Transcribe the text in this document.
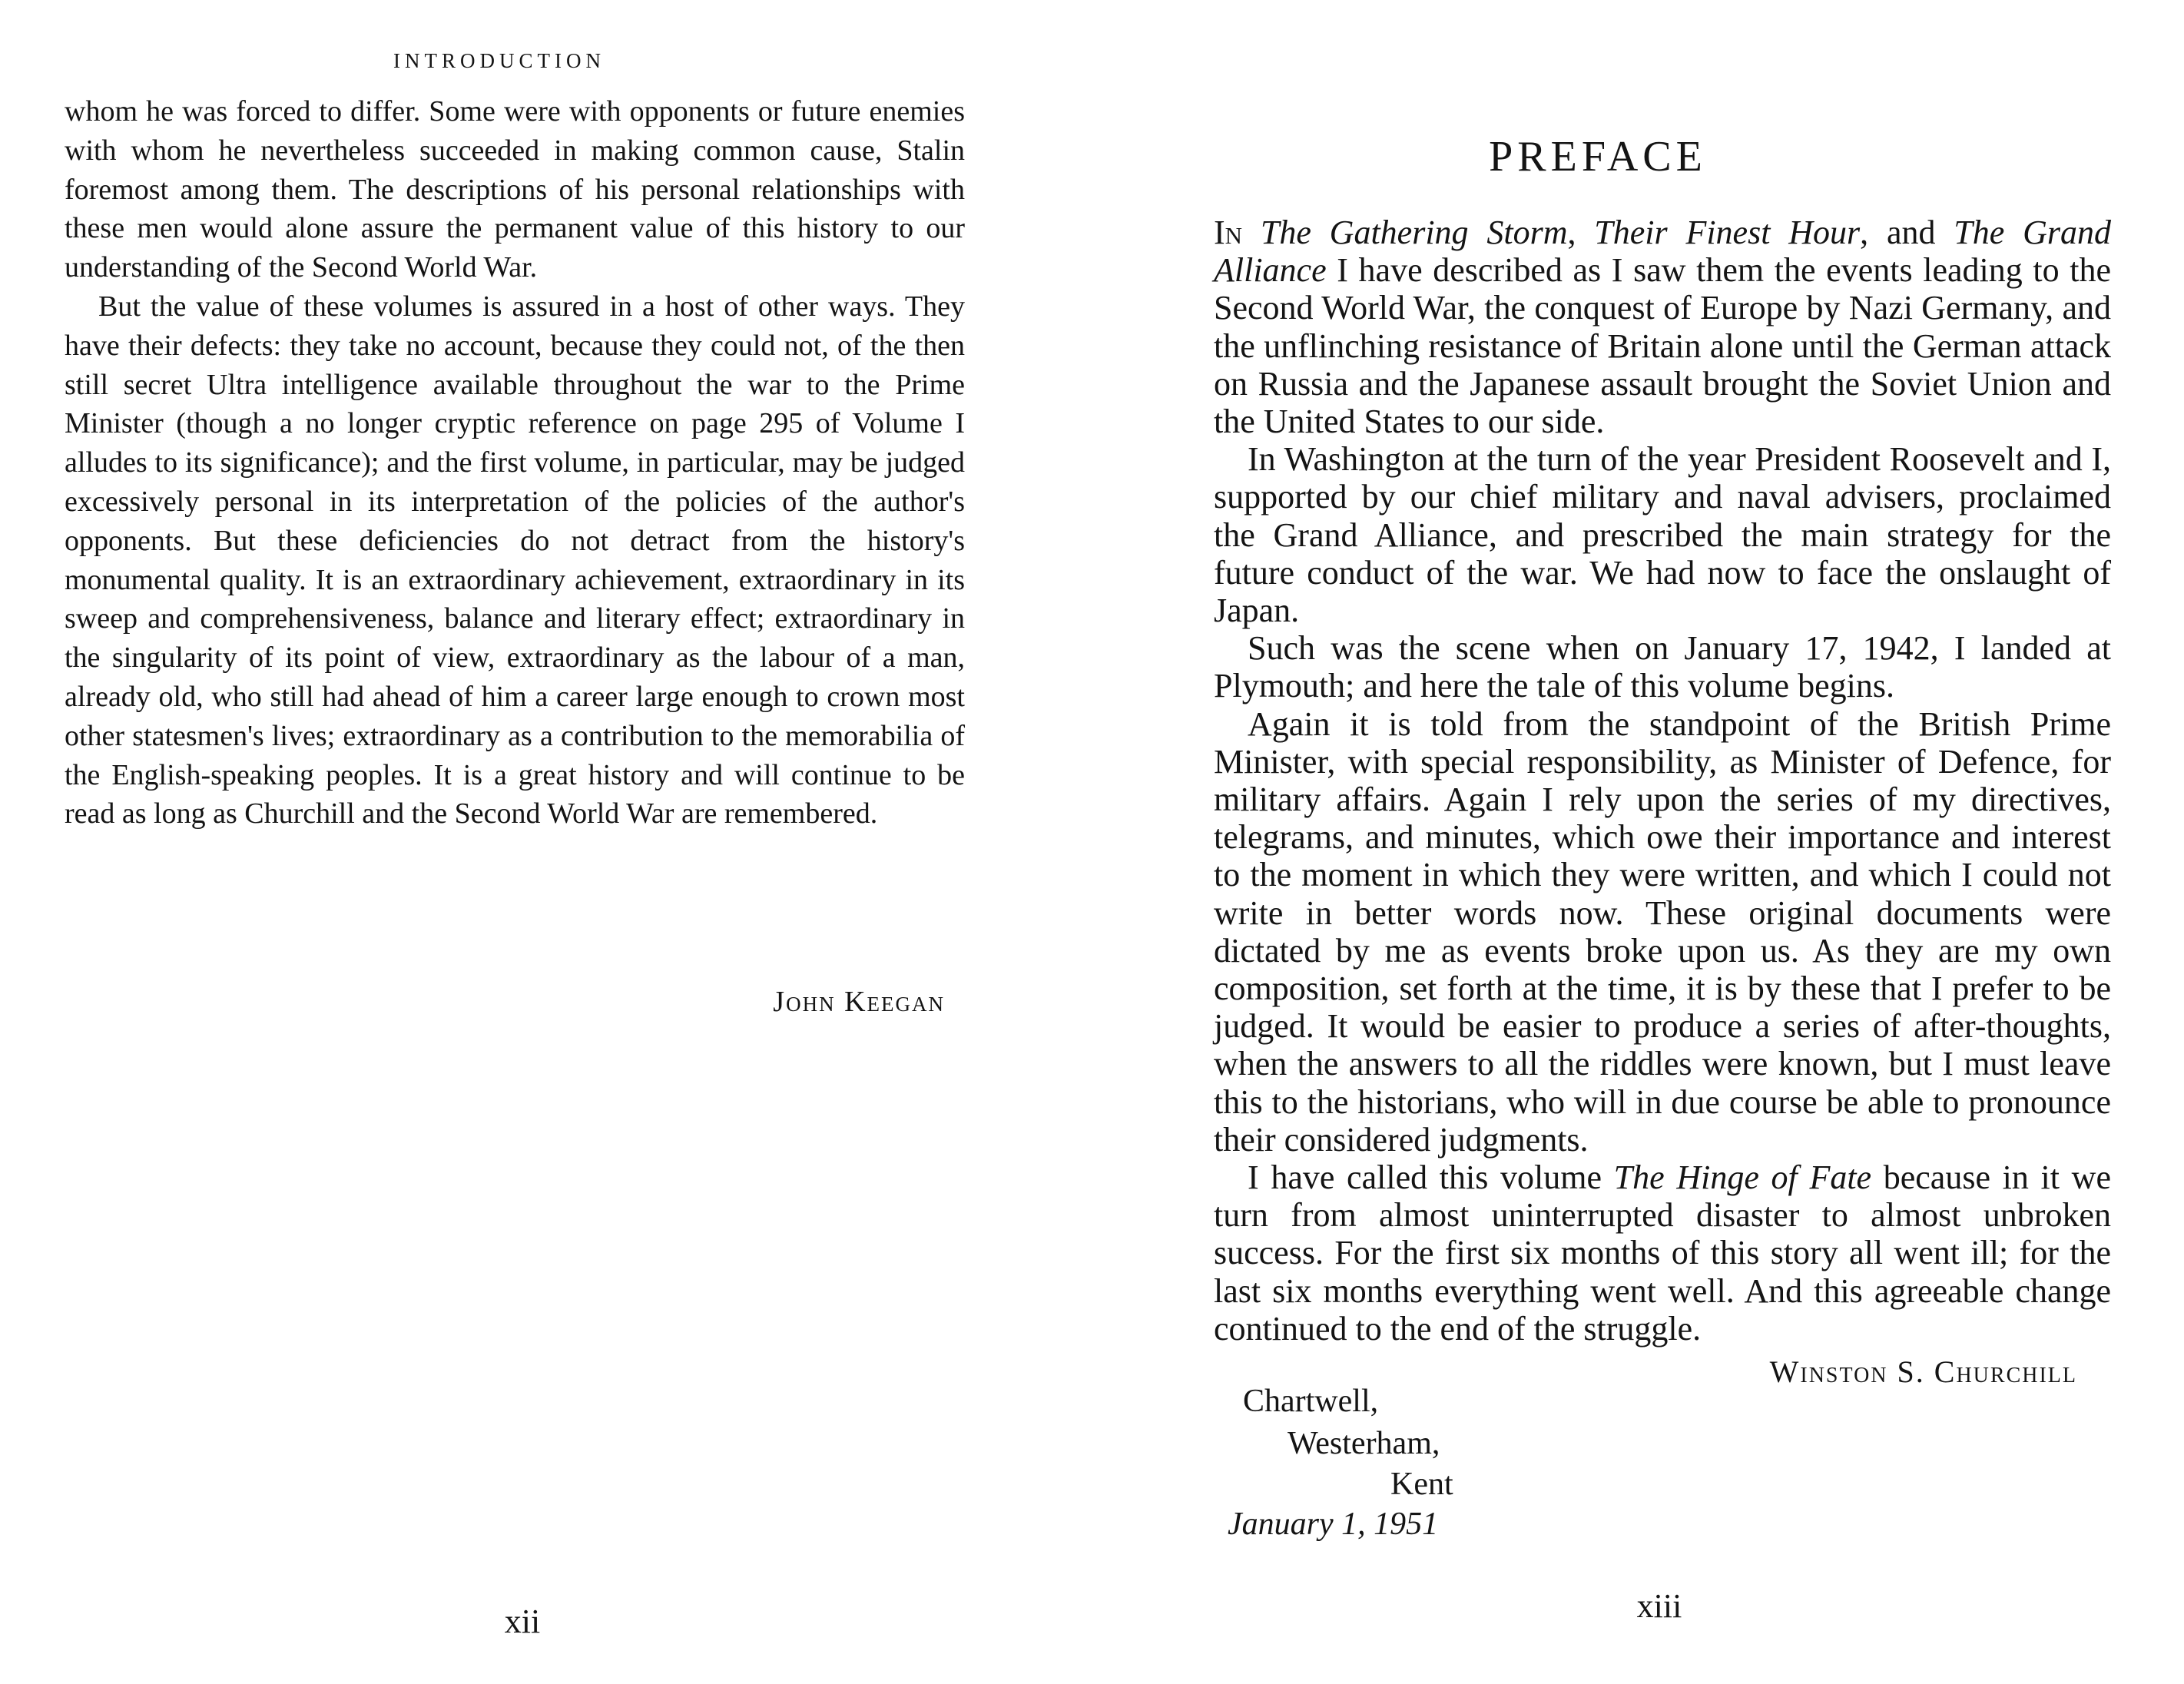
INTRODUCTION

whom he was forced to differ. Some were with opponents or future enemies with whom he nevertheless succeeded in making common cause, Stalin foremost among them. The descriptions of his personal relationships with these men would alone assure the permanent value of this history to our understanding of the Second World War.

But the value of these volumes is assured in a host of other ways. They have their defects: they take no account, because they could not, of the then still secret Ultra intelligence available throughout the war to the Prime Minister (though a no longer cryptic reference on page 295 of Volume I alludes to its significance); and the first volume, in particular, may be judged excessively personal in its interpretation of the policies of the author's opponents. But these deficiencies do not detract from the history's monumental quality. It is an extraordinary achievement, extraordinary in its sweep and comprehensiveness, balance and literary effect; extraordinary in the singularity of its point of view, extraordinary as the labour of a man, already old, who still had ahead of him a career large enough to crown most other statesmen's lives; extraordinary as a contribution to the memorabilia of the English-speaking peoples. It is a great history and will continue to be read as long as Churchill and the Second World War are remembered.

John Keegan
xii
PREFACE

In The Gathering Storm, Their Finest Hour, and The Grand Alliance I have described as I saw them the events leading to the Second World War, the conquest of Europe by Nazi Germany, and the unflinching resistance of Britain alone until the German attack on Russia and the Japanese assault brought the Soviet Union and the United States to our side.

In Washington at the turn of the year President Roosevelt and I, supported by our chief military and naval advisers, proclaimed the Grand Alliance, and prescribed the main strategy for the future conduct of the war. We had now to face the onslaught of Japan.

Such was the scene when on January 17, 1942, I landed at Plymouth; and here the tale of this volume begins.

Again it is told from the standpoint of the British Prime Minister, with special responsibility, as Minister of Defence, for military affairs. Again I rely upon the series of my directives, telegrams, and minutes, which owe their importance and interest to the moment in which they were written, and which I could not write in better words now. These original documents were dictated by me as events broke upon us. As they are my own composition, set forth at the time, it is by these that I prefer to be judged. It would be easier to produce a series of after-thoughts, when the answers to all the riddles were known, but I must leave this to the historians, who will in due course be able to pronounce their considered judgments.

I have called this volume The Hinge of Fate because in it we turn from almost uninterrupted disaster to almost unbroken success. For the first six months of this story all went ill; for the last six months everything went well. And this agreeable change continued to the end of the struggle.

Winston S. Churchill
Chartwell,
Westerham,
Kent
January 1, 1951
xiii
